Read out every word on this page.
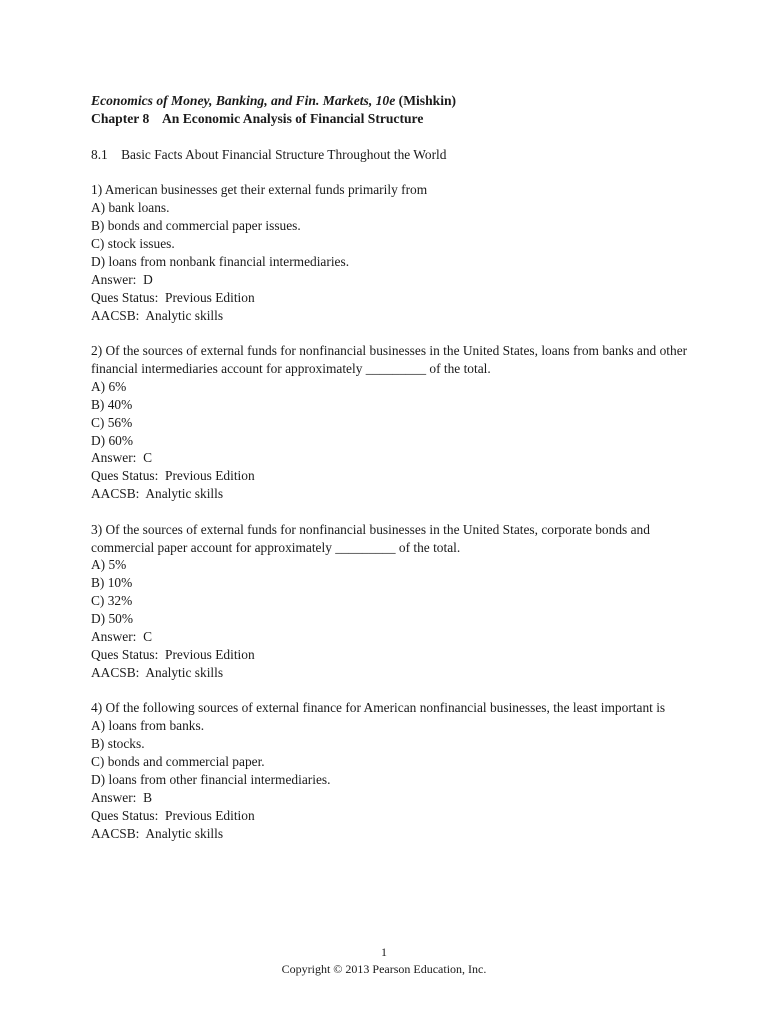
Economics of Money, Banking, and Fin. Markets, 10e (Mishkin)
Chapter 8 An Economic Analysis of Financial Structure
8.1 Basic Facts About Financial Structure Throughout the World
1) American businesses get their external funds primarily from
A) bank loans.
B) bonds and commercial paper issues.
C) stock issues.
D) loans from nonbank financial intermediaries.
Answer:  D
Ques Status:  Previous Edition
AACSB:  Analytic skills
2) Of the sources of external funds for nonfinancial businesses in the United States, loans from banks and other financial intermediaries account for approximately _________ of the total.
A) 6%
B) 40%
C) 56%
D) 60%
Answer:  C
Ques Status:  Previous Edition
AACSB:  Analytic skills
3) Of the sources of external funds for nonfinancial businesses in the United States, corporate bonds and commercial paper account for approximately _________ of the total.
A) 5%
B) 10%
C) 32%
D) 50%
Answer:  C
Ques Status:  Previous Edition
AACSB:  Analytic skills
4) Of the following sources of external finance for American nonfinancial businesses, the least important is
A) loans from banks.
B) stocks.
C) bonds and commercial paper.
D) loans from other financial intermediaries.
Answer:  B
Ques Status:  Previous Edition
AACSB:  Analytic skills
1
Copyright © 2013 Pearson Education, Inc.
